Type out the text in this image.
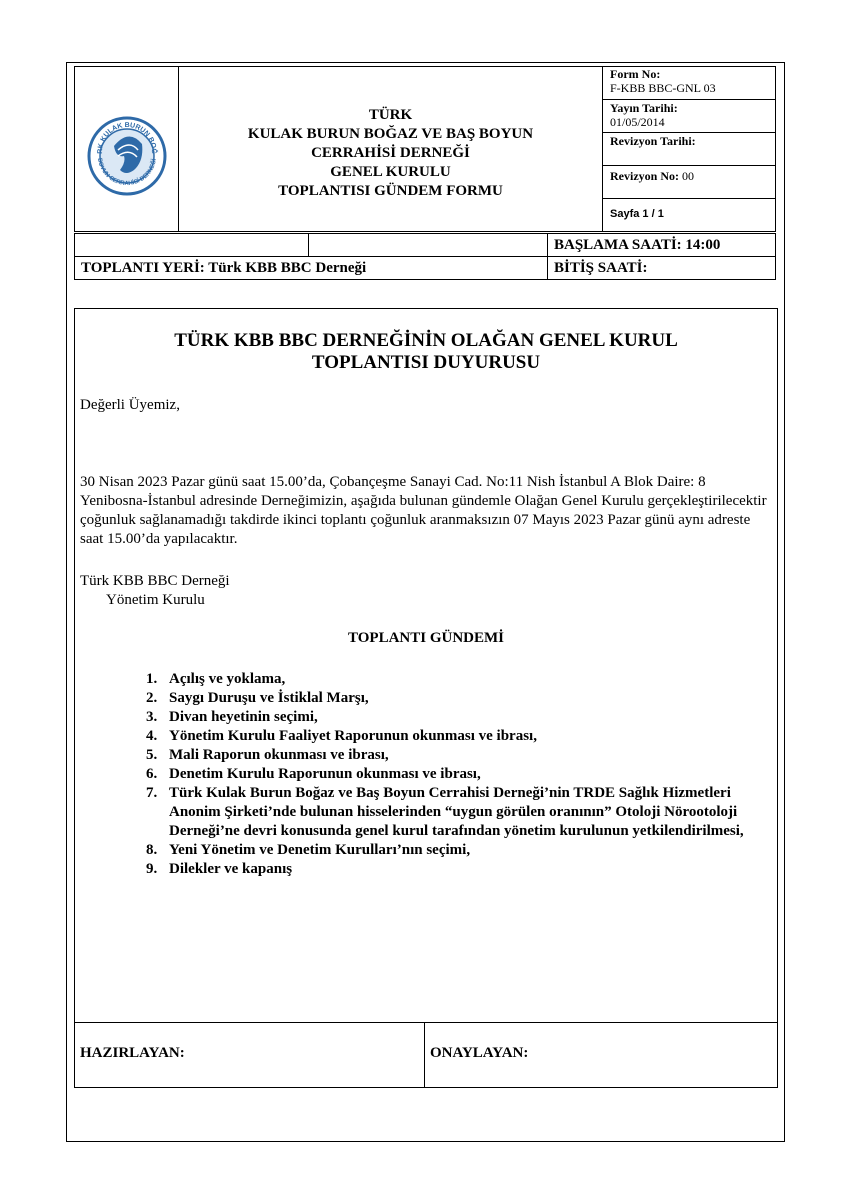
RK KULAK BURUN BOĞ
BOYUN CERRAHİSİ DERNEĞİ
TÜRK
KULAK BURUN BOĞAZ VE BAŞ BOYUN
CERRAHİSİ DERNEĞİ
GENEL KURULU
TOPLANTISI GÜNDEM FORMU
Form No:
F-KBB BBC-GNL 03
Yayın Tarihi:
01/05/2014
Revizyon Tarihi:
Revizyon No: 00
Sayfa 1 / 1
BAŞLAMA SAATİ: 14:00
TOPLANTI YERİ: Türk KBB BBC Derneği	BİTİŞ SAATİ:
TÜRK KBB BBC DERNEĞİNİN OLAĞAN GENEL KURUL
TOPLANTISI DUYURUSU
Değerli Üyemiz,
30 Nisan 2023 Pazar günü saat 15.00’da, Çobançeşme Sanayi Cad. No:11 Nish İstanbul A Blok Daire: 8 Yenibosna-İstanbul adresinde Derneğimizin, aşağıda bulunan gündemle Olağan Genel Kurulu gerçekleştirilecektir çoğunluk sağlanamadığı takdirde ikinci toplantı çoğunluk aranmaksızın 07 Mayıs 2023 Pazar günü aynı adreste saat 15.00’da yapılacaktır.
Türk KBB BBC Derneği
Yönetim Kurulu
TOPLANTI GÜNDEMİ
1. Açılış ve yoklama,
2. Saygı Duruşu ve İstiklal Marşı,
3. Divan heyetinin seçimi,
4. Yönetim Kurulu Faaliyet Raporunun okunması ve ibrası,
5. Mali Raporun okunması ve ibrası,
6. Denetim Kurulu Raporunun okunması ve ibrası,
7. Türk Kulak Burun Boğaz ve Baş Boyun Cerrahisi Derneği’nin TRDE Sağlık Hizmetleri Anonim Şirketi’nde bulunan hisselerinden “uygun görülen oranının” Otoloji Nörootoloji Derneği’ne devri konusunda genel kurul tarafından yönetim kurulunun yetkilendirilmesi,
8. Yeni Yönetim ve Denetim Kurulları’nın seçimi,
9. Dilekler ve kapanış
HAZIRLAYAN:	ONAYLAYAN:
